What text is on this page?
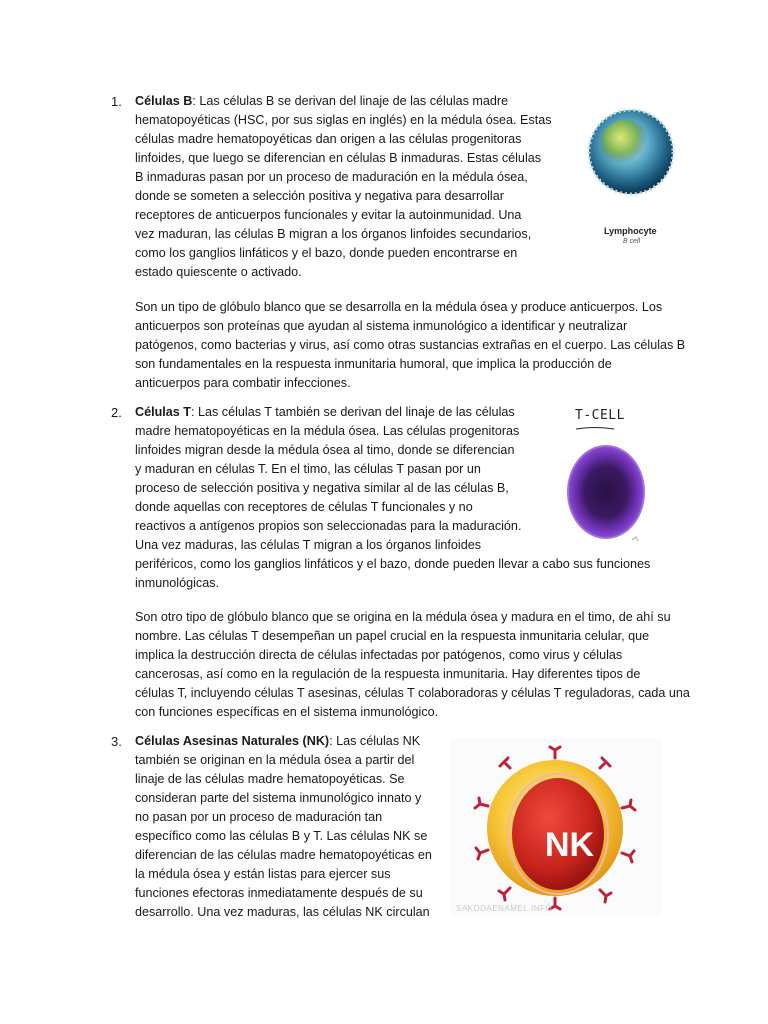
1. Células B: Las células B se derivan del linaje de las células madre
hematopoyéticas (HSC, por sus siglas en inglés) en la médula ósea. Estas
células madre hematopoyéticas dan origen a las células progenitoras
linfoides, que luego se diferencian en células B inmaduras. Estas células
B inmaduras pasan por un proceso de maduración en la médula ósea,
donde se someten a selección positiva y negativa para desarrollar
receptores de anticuerpos funcionales y evitar la autoinmunidad. Una
vez maduran, las células B migran a los órganos linfoides secundarios,
como los ganglios linfáticos y el bazo, donde pueden encontrarse en
estado quiescente o activado.
Son un tipo de glóbulo blanco que se desarrolla en la médula ósea y produce anticuerpos. Los
anticuerpos son proteínas que ayudan al sistema inmunológico a identificar y neutralizar
patógenos, como bacterias y virus, así como otras sustancias extrañas en el cuerpo. Las células B
son fundamentales en la respuesta inmunitaria humoral, que implica la producción de
anticuerpos para combatir infecciones.
Lymphocyte
B cell
2. Células T: Las células T también se derivan del linaje de las células
madre hematopoyéticas en la médula ósea. Las células progenitoras
linfoides migran desde la médula ósea al timo, donde se diferencian
y maduran en células T. En el timo, las células T pasan por un
proceso de selección positiva y negativa similar al de las células B,
donde aquellas con receptores de células T funcionales y no
reactivos a antígenos propios son seleccionadas para la maduración.
Una vez maduras, las células T migran a los órganos linfoides
periféricos, como los ganglios linfáticos y el bazo, donde pueden llevar a cabo sus funciones
inmunológicas.
Son otro tipo de glóbulo blanco que se origina en la médula ósea y madura en el timo, de ahí su
nombre. Las células T desempeñan un papel crucial en la respuesta inmunitaria celular, que
implica la destrucción directa de células infectadas por patógenos, como virus y células
cancerosas, así como en la regulación de la respuesta inmunitaria. Hay diferentes tipos de
células T, incluyendo células T asesinas, células T colaboradoras y células T reguladoras, cada una
con funciones específicas en el sistema inmunológico.
T-CELL
3. Células Asesinas Naturales (NK): Las células NK
también se originan en la médula ósea a partir del
linaje de las células madre hematopoyéticas. Se
consideran parte del sistema inmunológico innato y
no pasan por un proceso de maduración tan
específico como las células B y T. Las células NK se
diferencian de las células madre hematopoyéticas en
la médula ósea y están listas para ejercer sus
funciones efectoras inmediatamente después de su
desarrollo. Una vez maduras, las células NK circulan
NK
SAKODAENAMEL.INFO
